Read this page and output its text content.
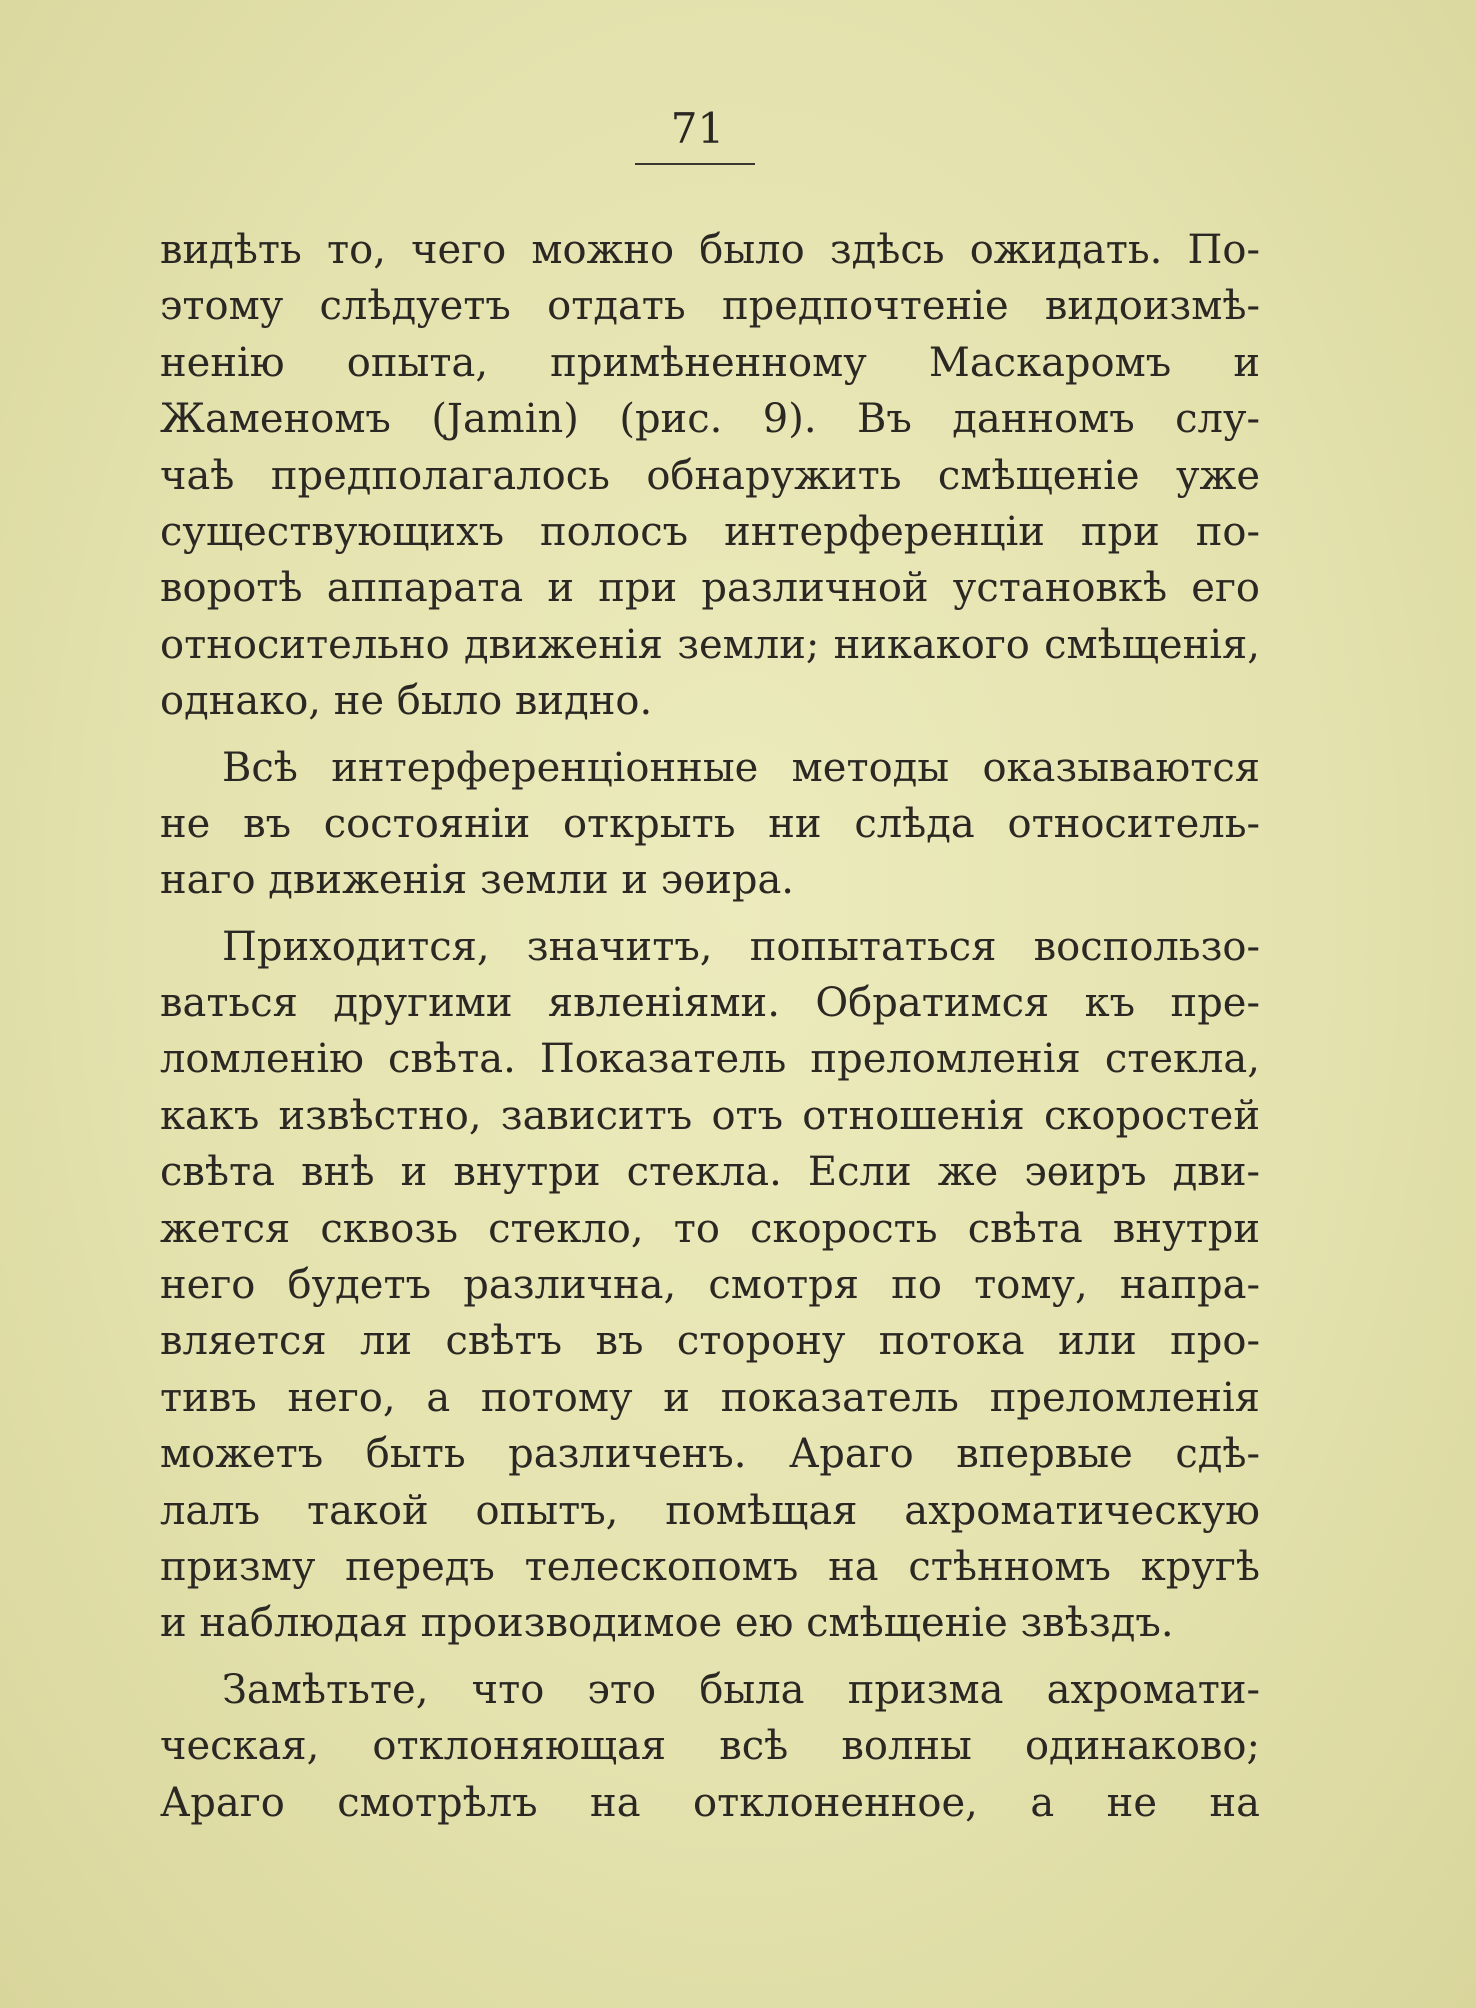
71
видѣть то, чего можно было здѣсь ожидать. По-
этому слѣдуетъ отдать предпочтенiе видоизмѣ-
ненiю опыта, примѣненному Маскаромъ и
Жаменомъ (Jamin) (рис. 9). Въ данномъ слу-
чаѣ предполагалось обнаружить смѣщенiе уже
существующихъ полосъ интерференцiи при по-
воротѣ аппарата и при различной установкѣ его
относительно движенiя земли; никакого смѣщенiя,
однако, не было видно.
Всѣ интерференцiонные методы оказываются
не въ состоянiи открыть ни слѣда относитель-
наго движенiя земли и эѳира.
Приходится, значитъ, попытаться воспользо-
ваться другими явленiями. Обратимся къ пре-
ломленiю свѣта. Показатель преломленiя стекла,
какъ извѣстно, зависитъ отъ отношенiя скоростей
свѣта внѣ и внутри стекла. Если же эѳиръ дви-
жется сквозь стекло, то скорость свѣта внутри
него будетъ различна, смотря по тому, напра-
вляется ли свѣтъ въ сторону потока или про-
тивъ него, а потому и показатель преломленiя
можетъ быть различенъ. Араго впервые сдѣ-
лалъ такой опытъ, помѣщая ахроматическую
призму передъ телескопомъ на стѣнномъ кругѣ
и наблюдая производимое ею смѣщенiе звѣздъ.
Замѣтьте, что это была призма ахромати-
ческая, отклоняющая всѣ волны одинаково;
Араго смотрѣлъ на отклоненное, а не на
